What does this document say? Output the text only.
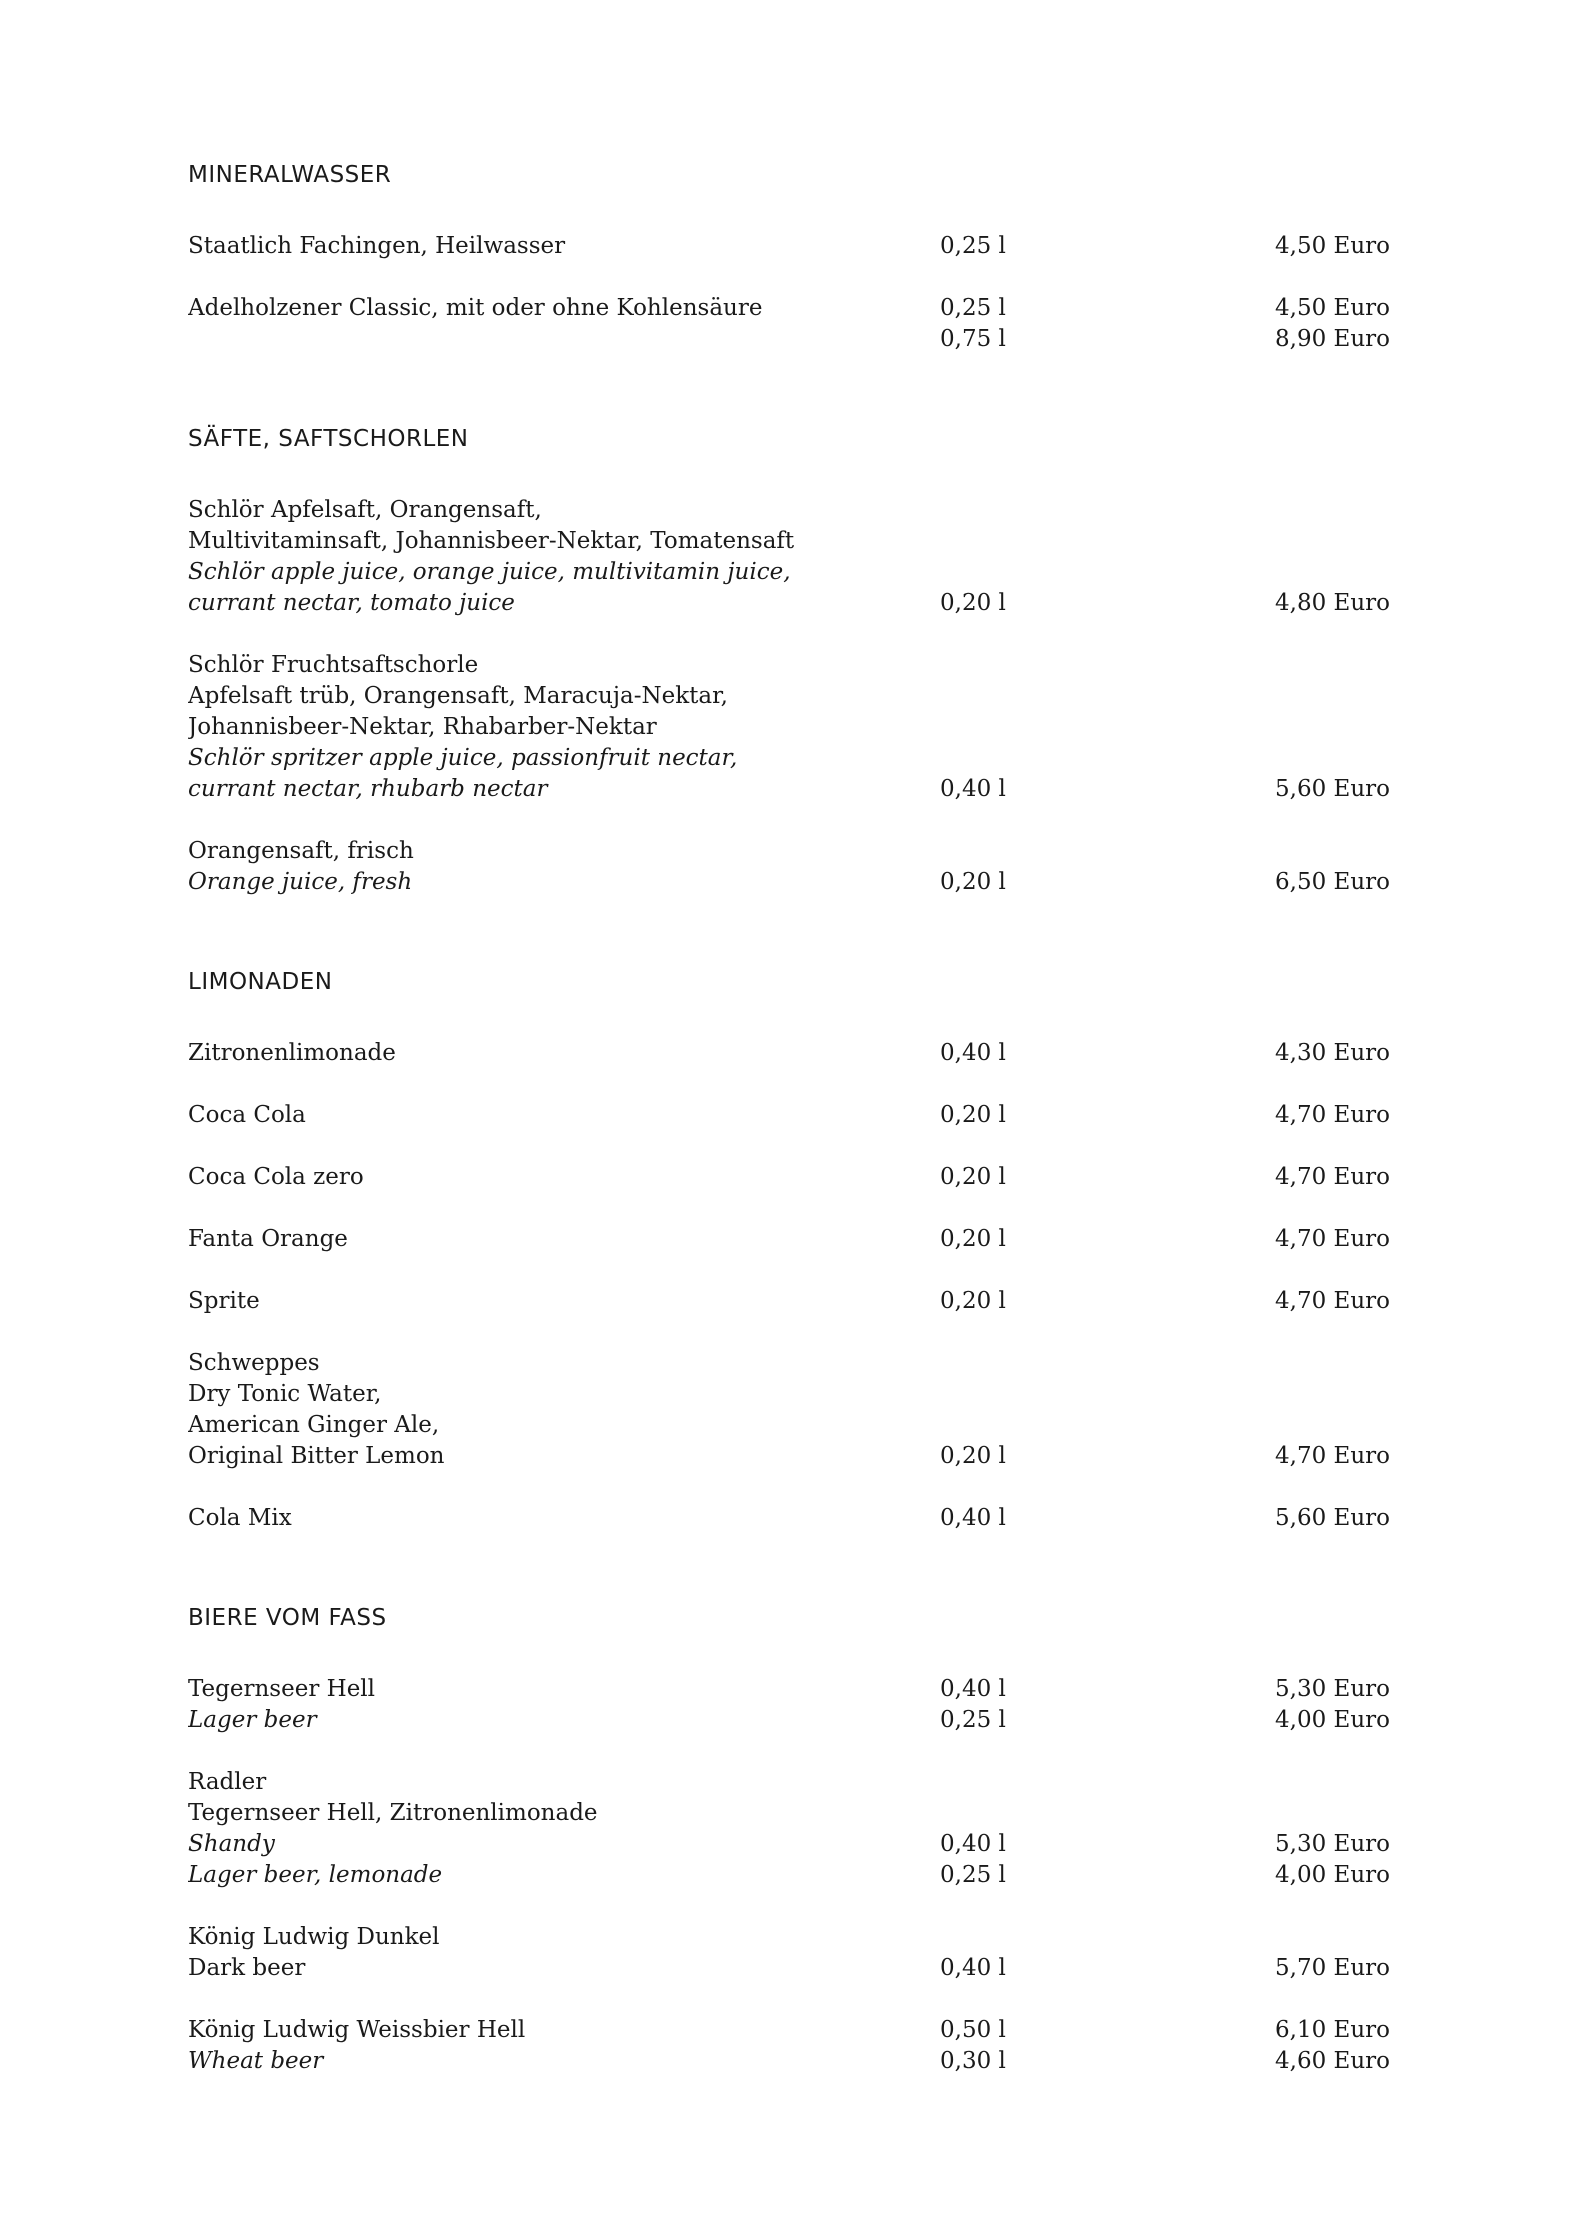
MINERALWASSER
Staatlich Fachingen, Heilwasser	0,25 l	4,50 Euro
Adelholzener Classic, mit oder ohne Kohlensäure	0,25 l	4,50 Euro
0,75 l	8,90 Euro
SÄFTE, SAFTSCHORLEN
Schlör Apfelsaft, Orangensaft,
Multivitaminsaft, Johannisbeer-Nektar, Tomatensaft
Schlör apple juice, orange juice, multivitamin juice,
currant nectar, tomato juice	0,20 l	4,80 Euro
Schlör Fruchtsaftschorle
Apfelsaft trüb, Orangensaft, Maracuja-Nektar,
Johannisbeer-Nektar, Rhabarber-Nektar
Schlör spritzer apple juice, passionfruit nectar,
currant nectar, rhubarb nectar	0,40 l	5,60 Euro
Orangensaft, frisch
Orange juice, fresh	0,20 l	6,50 Euro
LIMONADEN
Zitronenlimonade	0,40 l	4,30 Euro
Coca Cola	0,20 l	4,70 Euro
Coca Cola zero	0,20 l	4,70 Euro
Fanta Orange	0,20 l	4,70 Euro
Sprite	0,20 l	4,70 Euro
Schweppes
Dry Tonic Water,
American Ginger Ale,
Original Bitter Lemon	0,20 l	4,70 Euro
Cola Mix	0,40 l	5,60 Euro
BIERE VOM FASS
Tegernseer Hell	0,40 l	5,30 Euro
Lager beer	0,25 l	4,00 Euro
Radler
Tegernseer Hell, Zitronenlimonade
Shandy	0,40 l	5,30 Euro
Lager beer, lemonade	0,25 l	4,00 Euro
König Ludwig Dunkel
Dark beer	0,40 l	5,70 Euro
König Ludwig Weissbier Hell	0,50 l	6,10 Euro
Wheat beer	0,30 l	4,60 Euro
